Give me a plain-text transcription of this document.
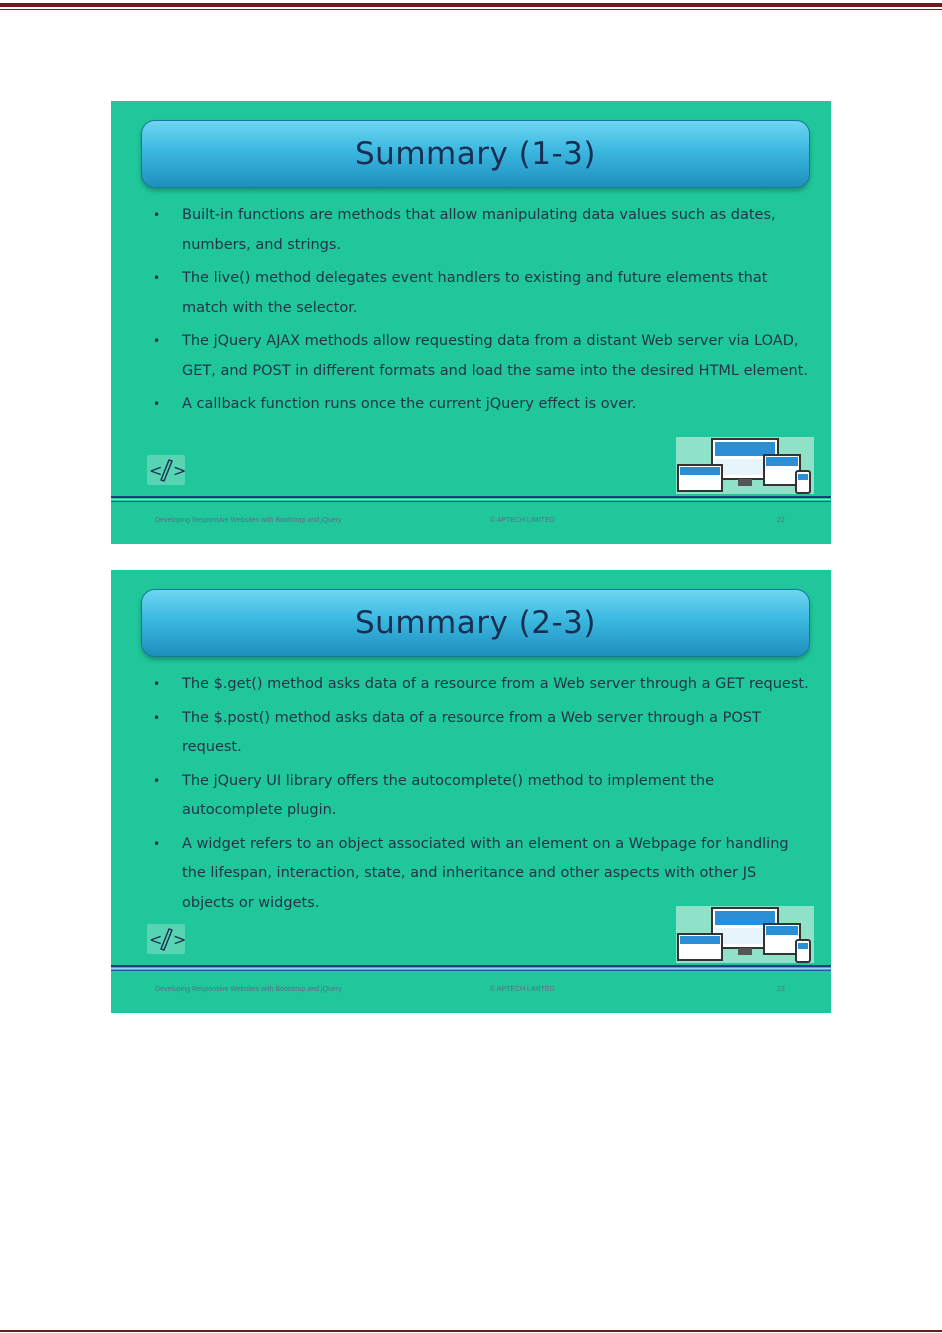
Summary (1-3)
• Built-in functions are methods that allow manipulating data values such as dates, numbers, and strings.
• The live() method delegates event handlers to existing and future elements that match with the selector.
• The jQuery AJAX methods allow requesting data from a distant Web server via LOAD, GET, and POST in different formats and load the same into the desired HTML element.
• A callback function runs once the current jQuery effect is over.
< >
Developing Responsive Websites with Bootstrap and jQuery	© APTECH LIMITED	22
Summary (2-3)
• The $.get() method asks data of a resource from a Web server through a GET request.
• The $.post() method asks data of a resource from a Web server through a POST request.
• The jQuery UI library offers the autocomplete() method to implement the autocomplete plugin.
• A widget refers to an object associated with an element on a Webpage for handling the lifespan, interaction, state, and inheritance and other aspects with other JS objects or widgets.
< >
Developing Responsive Websites with Bootstrap and jQuery	© APTECH LIMITED	23
